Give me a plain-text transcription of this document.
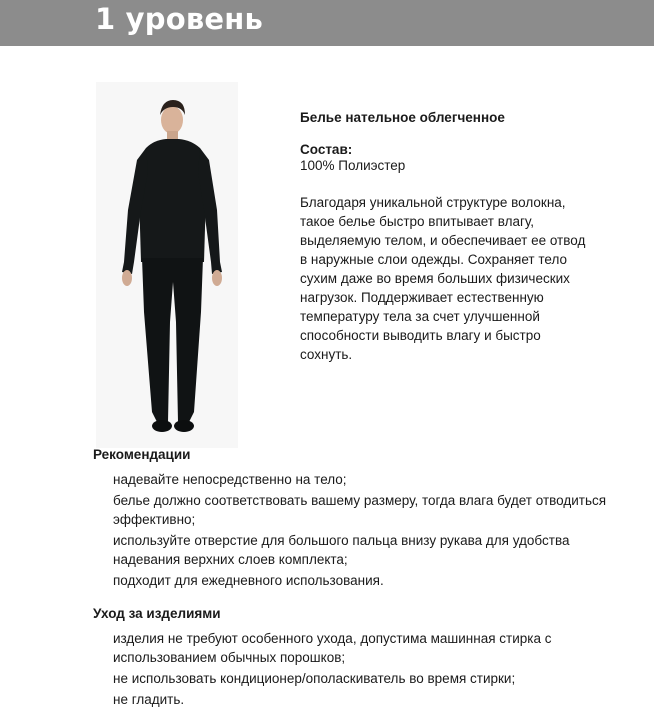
1 уровень

Белье нательное облегченное

Состав:

100% Полиэстер

Благодаря уникальной структуре волокна, такое белье быстро впитывает влагу, выделяемую телом, и обеспечивает ее отвод в наружные слои одежды. Сохраняет тело сухим даже во время больших физических нагрузок. Поддерживает естественную температуру тела за счет улучшенной способности выводить влагу и быстро сохнуть.

Рекомендации
надевайте непосредственно на тело;
белье должно соответствовать вашему размеру, тогда влага будет отводиться эффективно;
используйте отверстие для большого пальца внизу рукава для удобства надевания верхних слоев комплекта;
подходит для ежедневного использования.
Уход за изделиями
изделия не требуют особенного ухода, допустима машинная стирка с использованием обычных порошков;
не использовать кондиционер/ополаскиватель во время стирки;
не гладить.
